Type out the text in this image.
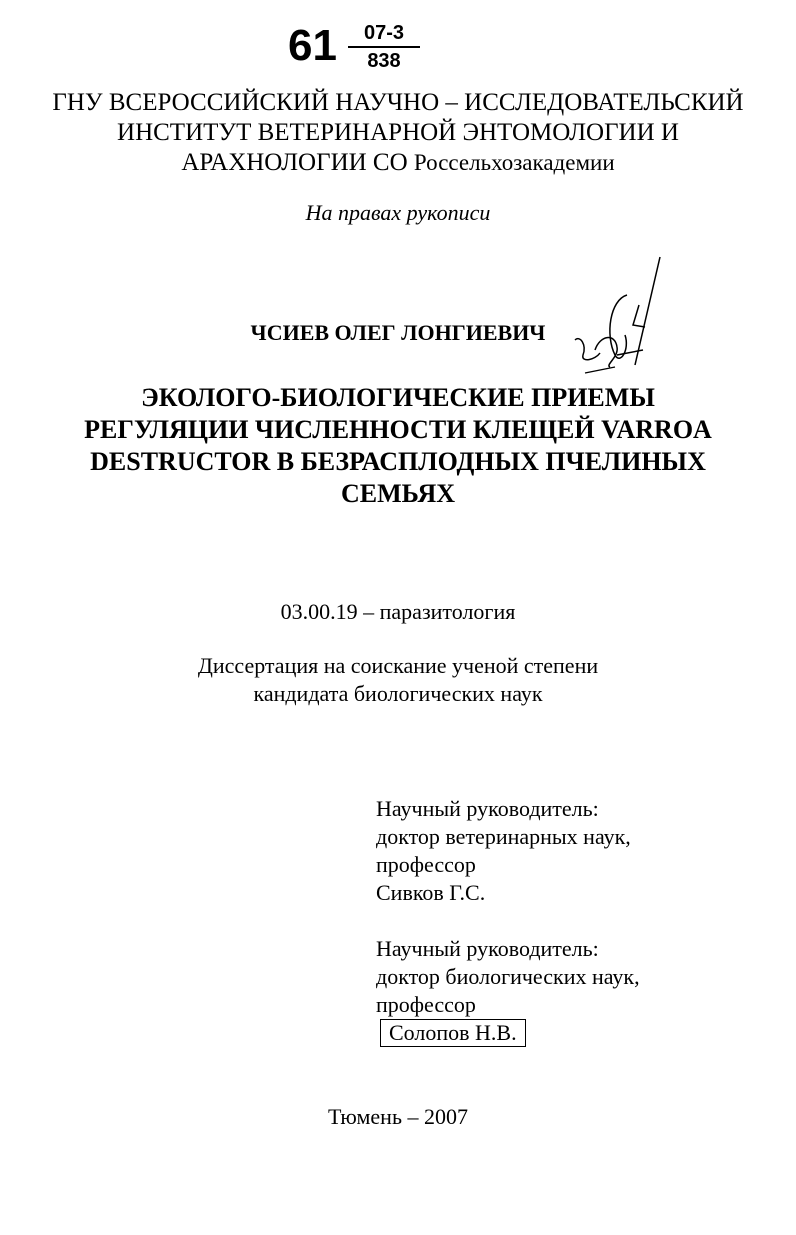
61	07-3
838
ГНУ ВСЕРОССИЙСКИЙ НАУЧНО – ИССЛЕДОВАТЕЛЬСКИЙ
ИНСТИТУТ ВЕТЕРИНАРНОЙ ЭНТОМОЛОГИИ И
АРАХНОЛОГИИ СО Россельхозакадемии
На правах рукописи
ЧСИЕВ ОЛЕГ ЛОНГИЕВИЧ
ЭКОЛОГО-БИОЛОГИЧЕСКИЕ ПРИЕМЫ
РЕГУЛЯЦИИ ЧИСЛЕННОСТИ КЛЕЩЕЙ VARROA
DESTRUCTOR В БЕЗРАСПЛОДНЫХ ПЧЕЛИНЫХ
СЕМЬЯХ
03.00.19 – паразитология
Диссертация на соискание ученой степени
кандидата биологических наук
Научный руководитель:
доктор ветеринарных наук,
профессор
Сивков Г.С.
Научный руководитель:
доктор биологических наук,
профессор
Солопов Н.В.
Тюмень – 2007
